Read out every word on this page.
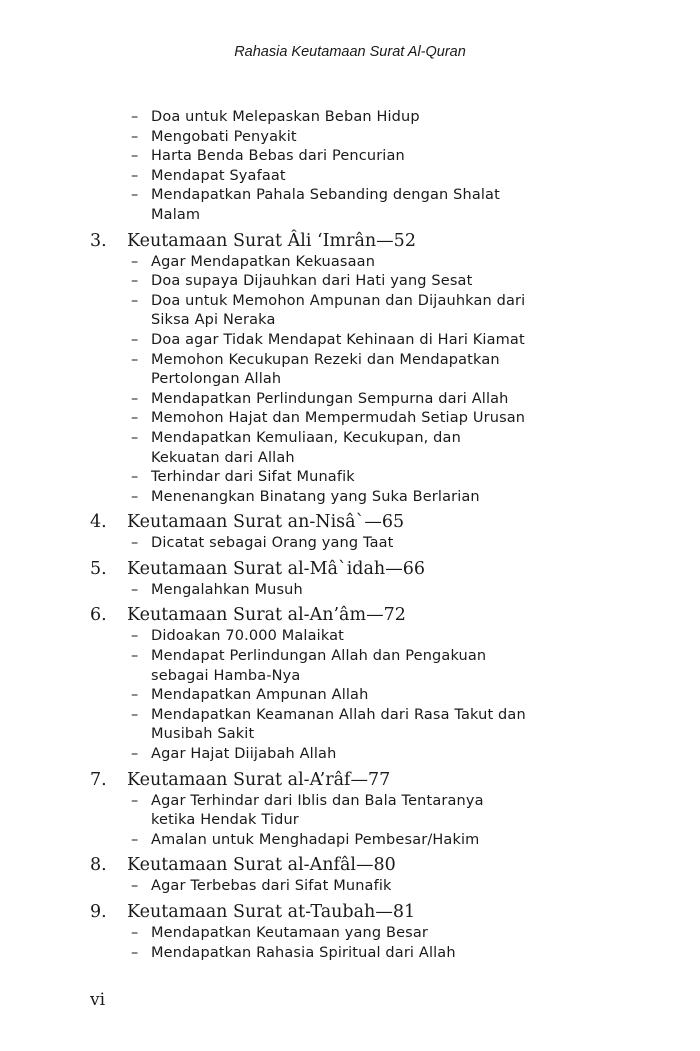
Rahasia Keutamaan Surat Al-Quran
– Doa untuk Melepaskan Beban Hidup
– Mengobati Penyakit
– Harta Benda Bebas dari Pencurian
– Mendapat Syafaat
– Mendapatkan Pahala Sebanding dengan Shalat Malam
3. Keutamaan Surat Âli ‘Imrân—52
– Agar Mendapatkan Kekuasaan
– Doa supaya Dijauhkan dari Hati yang Sesat
– Doa untuk Memohon Ampunan dan Dijauhkan dari Siksa Api Neraka
– Doa agar Tidak Mendapat Kehinaan di Hari Kiamat
– Memohon Kecukupan Rezeki dan Mendapatkan Pertolongan Allah
– Mendapatkan Perlindungan Sempurna dari Allah
– Memohon Hajat dan Mempermudah Setiap Urusan
– Mendapatkan Kemuliaan, Kecukupan, dan Kekuatan dari Allah
– Terhindar dari Sifat Munafik
– Menenangkan Binatang yang Suka Berlarian
4. Keutamaan Surat an-Nisâ`—65
– Dicatat sebagai Orang yang Taat
5. Keutamaan Surat al-Mâ`idah—66
– Mengalahkan Musuh
6. Keutamaan Surat al-An’âm—72
– Didoakan 70.000 Malaikat
– Mendapat Perlindungan Allah dan Pengakuan sebagai Hamba-Nya
– Mendapatkan Ampunan Allah
– Mendapatkan Keamanan Allah dari Rasa Takut dan Musibah Sakit
– Agar Hajat Diijabah Allah
7. Keutamaan Surat al-A’râf—77
– Agar Terhindar dari Iblis dan Bala Tentaranya ketika Hendak Tidur
– Amalan untuk Menghadapi Pembesar/Hakim
8. Keutamaan Surat al-Anfâl—80
– Agar Terbebas dari Sifat Munafik
9. Keutamaan Surat at-Taubah—81
– Mendapatkan Keutamaan yang Besar
– Mendapatkan Rahasia Spiritual dari Allah
vi
